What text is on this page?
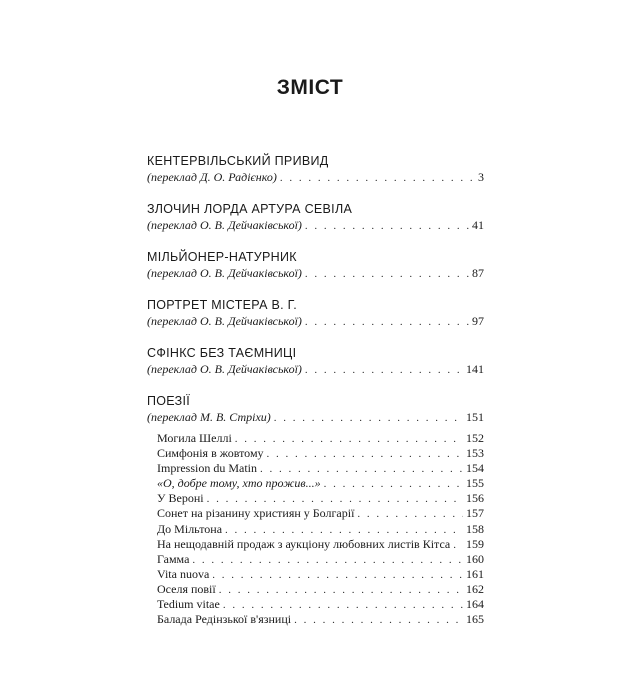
ЗМІСТ
КЕНТЕРВІЛЬСЬКИЙ ПРИВИД
(переклад Д. О. Радієнко) . . .	3
ЗЛОЧИН ЛОРДА АРТУРА СЕВІЛА
(переклад О. В. Дейчаківської) . . .	41
МІЛЬЙОНЕР-НАТУРНИК
(переклад О. В. Дейчаківської) . . .	87
ПОРТРЕТ МІСТЕРА В. Г.
(переклад О. В. Дейчаківської) . . .	97
СФІНКС БЕЗ ТАЄМНИЦІ
(переклад О. В. Дейчаківської) . . .	141
ПОЕЗІЇ
(переклад М. В. Стріхи) . . .	151
Могила Шеллі . . .	152
Симфонія в жовтому . . .	153
Impression du Matin . . .	154
«О, добре тому, хто прожив...» . . .	155
У Вероні . . .	156
Сонет на різанину християн у Болгарії . . .	157
До Мільтона . . .	158
На нещодавній продаж з аукціону любовних листів Кітса . . . 159
Гамма . . .	160
Vita nuova . . .	161
Оселя повії . . .	162
Tedium vitae . . .	164
Балада Редінзької в'язниці . . .	165
